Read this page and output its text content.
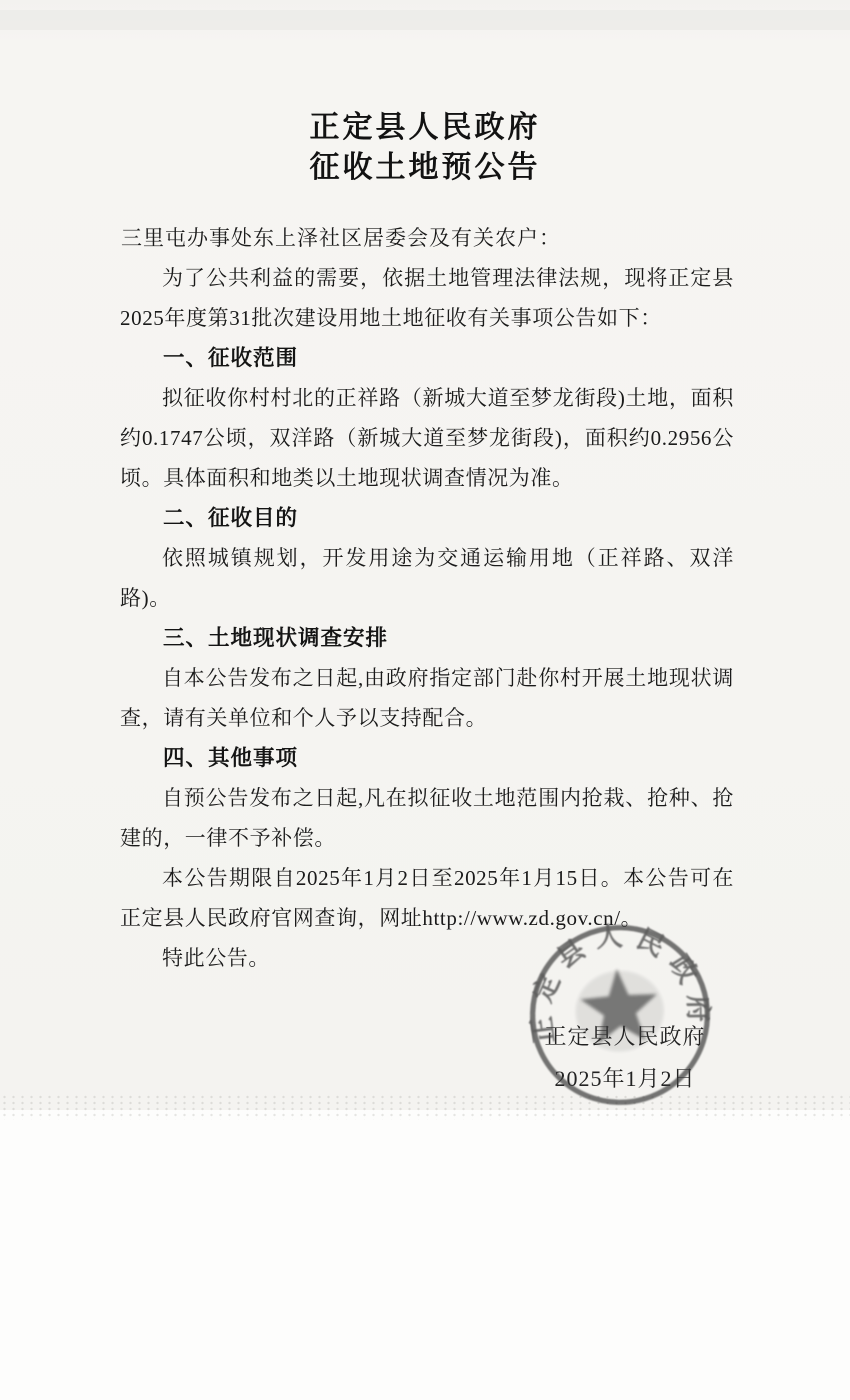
正定县人民政府
征收土地预公告
三里屯办事处东上泽社区居委会及有关农户：

为了公共利益的需要，依据土地管理法律法规，现将正定县2025年度第31批次建设用地土地征收有关事项公告如下：

一、征收范围

拟征收你村村北的正祥路（新城大道至梦龙街段)土地，面积约0.1747公顷，双洋路（新城大道至梦龙街段)，面积约0.2956公顷。具体面积和地类以土地现状调查情况为准。

二、征收目的

依照城镇规划，开发用途为交通运输用地（正祥路、双洋路)。

三、土地现状调查安排

自本公告发布之日起,由政府指定部门赴你村开展土地现状调查，请有关单位和个人予以支持配合。

四、其他事项

自预公告发布之日起,凡在拟征收土地范围内抢栽、抢种、抢建的，一律不予补偿。

本公告期限自2025年1月2日至2025年1月15日。本公告可在正定县人民政府官网查询，网址http://www.zd.gov.cn/。

特此公告。

正定县人民政府
2025年1月2日
正定县人民政府
